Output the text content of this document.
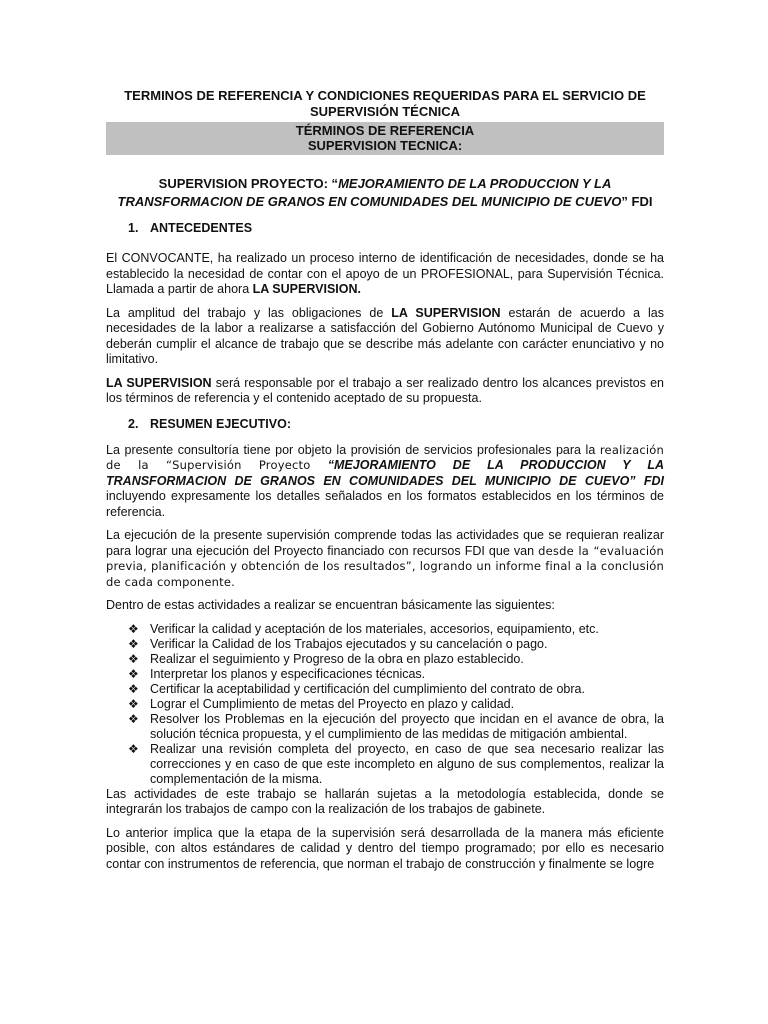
TERMINOS DE REFERENCIA Y CONDICIONES REQUERIDAS PARA EL SERVICIO DE SUPERVISIÓN TÉCNICA
TÉRMINOS DE REFERENCIA
SUPERVISION TECNICA:
SUPERVISION PROYECTO: “MEJORAMIENTO DE LA PRODUCCION Y LA TRANSFORMACION DE GRANOS EN COMUNIDADES DEL MUNICIPIO DE CUEVO” FDI
1. ANTECEDENTES

El CONVOCANTE, ha realizado un proceso interno de identificación de necesidades, donde se ha establecido la necesidad de contar con el apoyo de un PROFESIONAL, para Supervisión Técnica. Llamada a partir de ahora LA SUPERVISION.

La amplitud del trabajo y las obligaciones de LA SUPERVISION estarán de acuerdo a las necesidades de la labor a realizarse a satisfacción del Gobierno Autónomo Municipal de Cuevo y deberán cumplir el alcance de trabajo que se describe más adelante con carácter enunciativo y no limitativo.

LA SUPERVISION será responsable por el trabajo a ser realizado dentro los alcances previstos en los términos de referencia y el contenido aceptado de su propuesta.

2. RESUMEN EJECUTIVO:

La presente consultoría tiene por objeto la provisión de servicios profesionales para la realización de la “Supervisión Proyecto “MEJORAMIENTO DE LA PRODUCCION Y LA TRANSFORMACION DE GRANOS EN COMUNIDADES DEL MUNICIPIO DE CUEVO” FDI incluyendo expresamente los detalles señalados en los formatos establecidos en los términos de referencia.

La ejecución de la presente supervisión comprende todas las actividades que se requieran realizar para lograr una ejecución del Proyecto financiado con recursos FDI que van desde la “evaluación previa, planificación y obtención de los resultados”, logrando un informe final a la conclusión de cada componente.

Dentro de estas actividades a realizar se encuentran básicamente las siguientes:

❖ Verificar la calidad y aceptación de los materiales, accesorios, equipamiento, etc.
❖ Verificar la Calidad de los Trabajos ejecutados y su cancelación o pago.
❖ Realizar el seguimiento y Progreso de la obra en plazo establecido.
❖ Interpretar los planos y especificaciones técnicas.
❖ Certificar la aceptabilidad y certificación del cumplimiento del contrato de obra.
❖ Lograr el Cumplimiento de metas del Proyecto en plazo y calidad.
❖ Resolver los Problemas en la ejecución del proyecto que incidan en el avance de obra, la solución técnica propuesta, y el cumplimiento de las medidas de mitigación ambiental.
❖ Realizar una revisión completa del proyecto, en caso de que sea necesario realizar las correcciones y en caso de que este incompleto en alguno de sus complementos, realizar la complementación de la misma.

Las actividades de este trabajo se hallarán sujetas a la metodología establecida, donde se integrarán los trabajos de campo con la realización de los trabajos de gabinete.

Lo anterior implica que la etapa de la supervisión será desarrollada de la manera más eficiente posible, con altos estándares de calidad y dentro del tiempo programado; por ello es necesario contar con instrumentos de referencia, que norman el trabajo de construcción y finalmente se logre
